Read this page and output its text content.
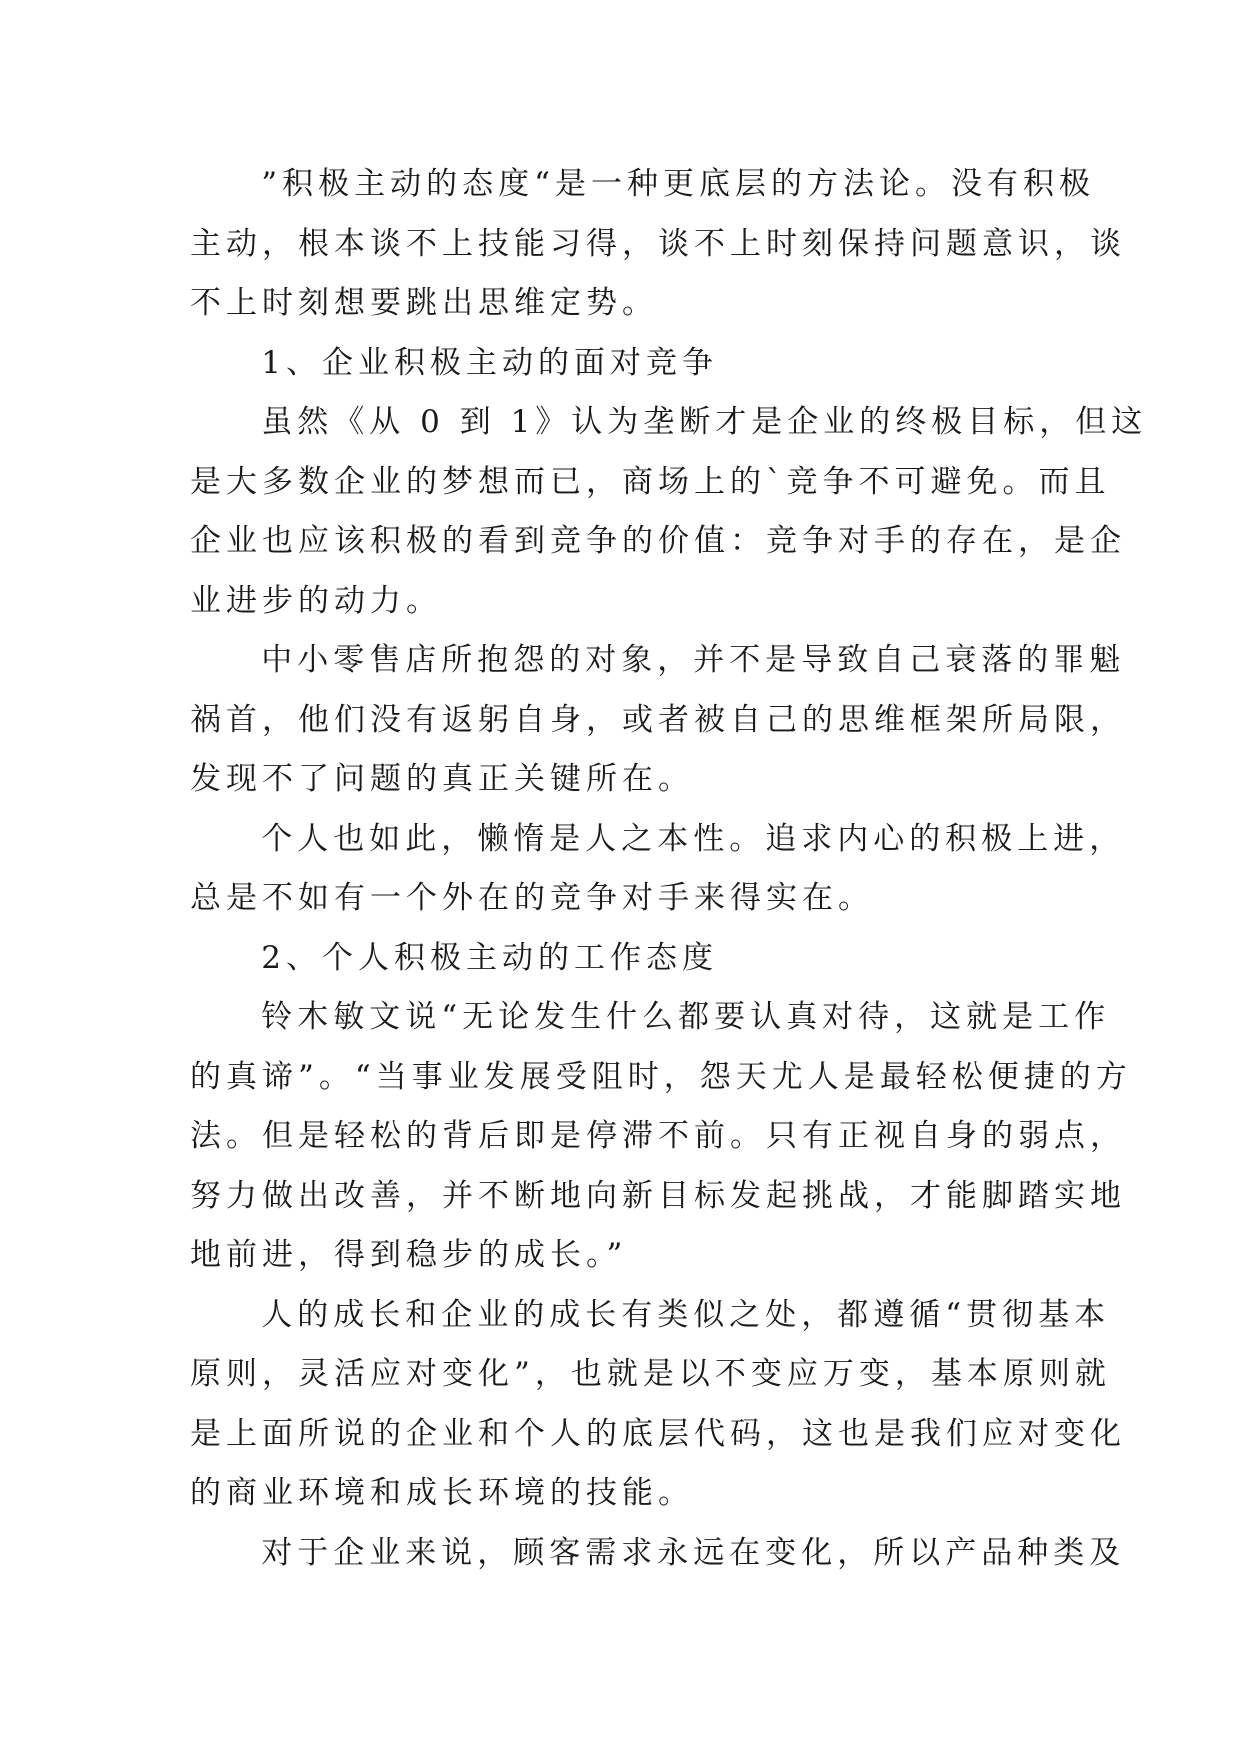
”积极主动的态度“是一种更底层的方法论。没有积极
主动，根本谈不上技能习得，谈不上时刻保持问题意识，谈
不上时刻想要跳出思维定势。
1、企业积极主动的面对竞争
虽然《从 0 到 1》认为垄断才是企业的终极目标，但这
是大多数企业的梦想而已，商场上的`竞争不可避免。而且
企业也应该积极的看到竞争的价值：竞争对手的存在，是企
业进步的动力。
中小零售店所抱怨的对象，并不是导致自己衰落的罪魁
祸首，他们没有返躬自身，或者被自己的思维框架所局限，
发现不了问题的真正关键所在。
个人也如此，懒惰是人之本性。追求内心的积极上进，
总是不如有一个外在的竞争对手来得实在。
2、个人积极主动的工作态度
铃木敏文说“无论发生什么都要认真对待，这就是工作
的真谛”。“当事业发展受阻时，怨天尤人是最轻松便捷的方
法。但是轻松的背后即是停滞不前。只有正视自身的弱点，
努力做出改善，并不断地向新目标发起挑战，才能脚踏实地
地前进，得到稳步的成长。”
人的成长和企业的成长有类似之处，都遵循“贯彻基本
原则，灵活应对变化”，也就是以不变应万变，基本原则就
是上面所说的企业和个人的底层代码，这也是我们应对变化
的商业环境和成长环境的技能。
对于企业来说，顾客需求永远在变化，所以产品种类及
